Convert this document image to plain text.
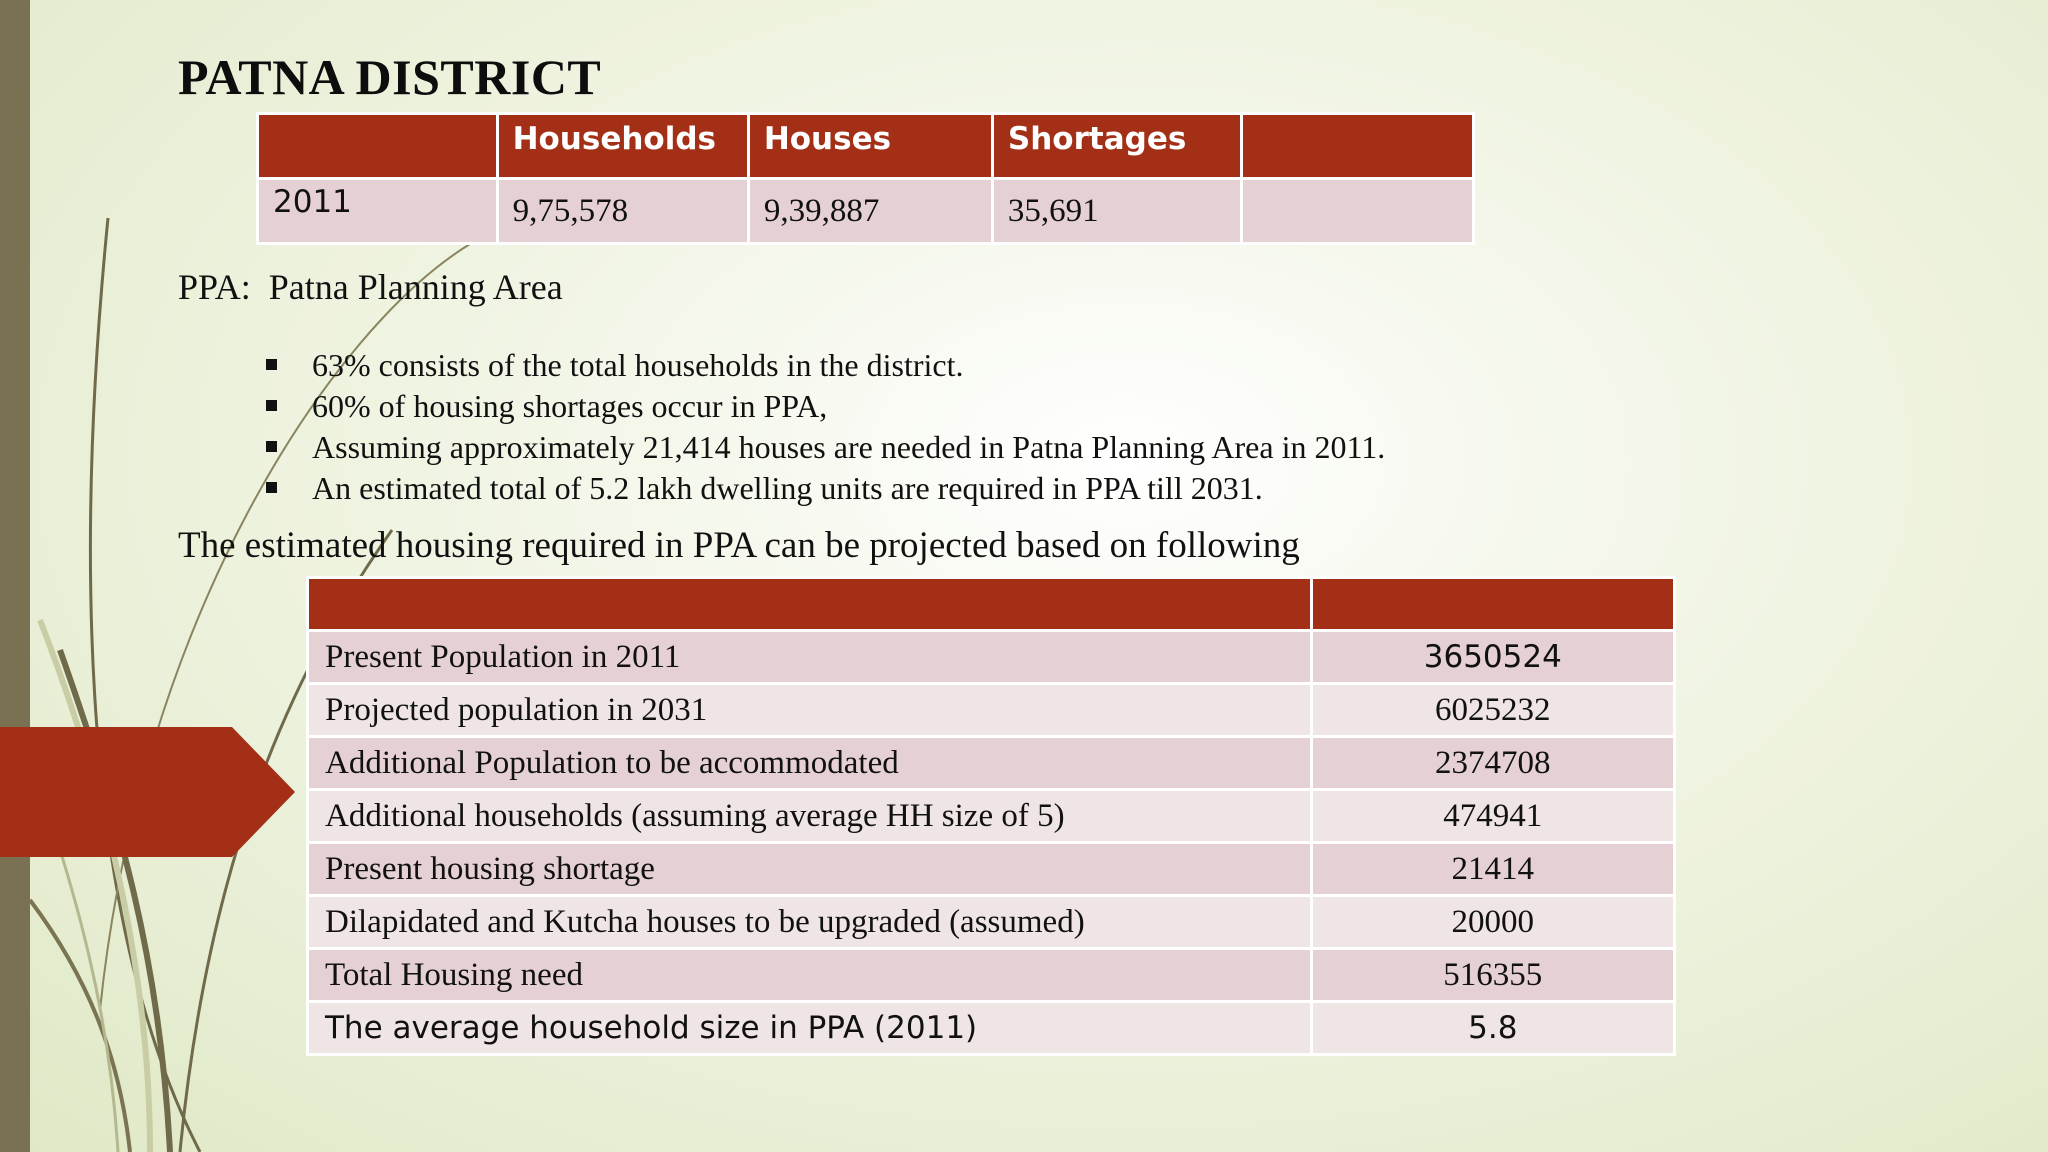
PATNA DISTRICT
	Households	Houses	Shortages	
2011	9,75,578	9,39,887	35,691	
PPA:  Patna Planning Area
63% consists of the total households in the district.
60% of housing shortages occur in PPA,
Assuming approximately 21,414 houses are needed in Patna Planning Area in 2011.
An estimated total of 5.2 lakh dwelling units are required in PPA till 2031.
The estimated housing required in PPA can be projected based on following

Present Population in 2011	3650524
Projected population in 2031	6025232
Additional Population to be accommodated	2374708
Additional households (assuming average HH size of 5)	474941
Present housing shortage	21414
Dilapidated and Kutcha houses to be upgraded (assumed)	20000
Total Housing need	516355
The average household size in PPA (2011)	5.8
